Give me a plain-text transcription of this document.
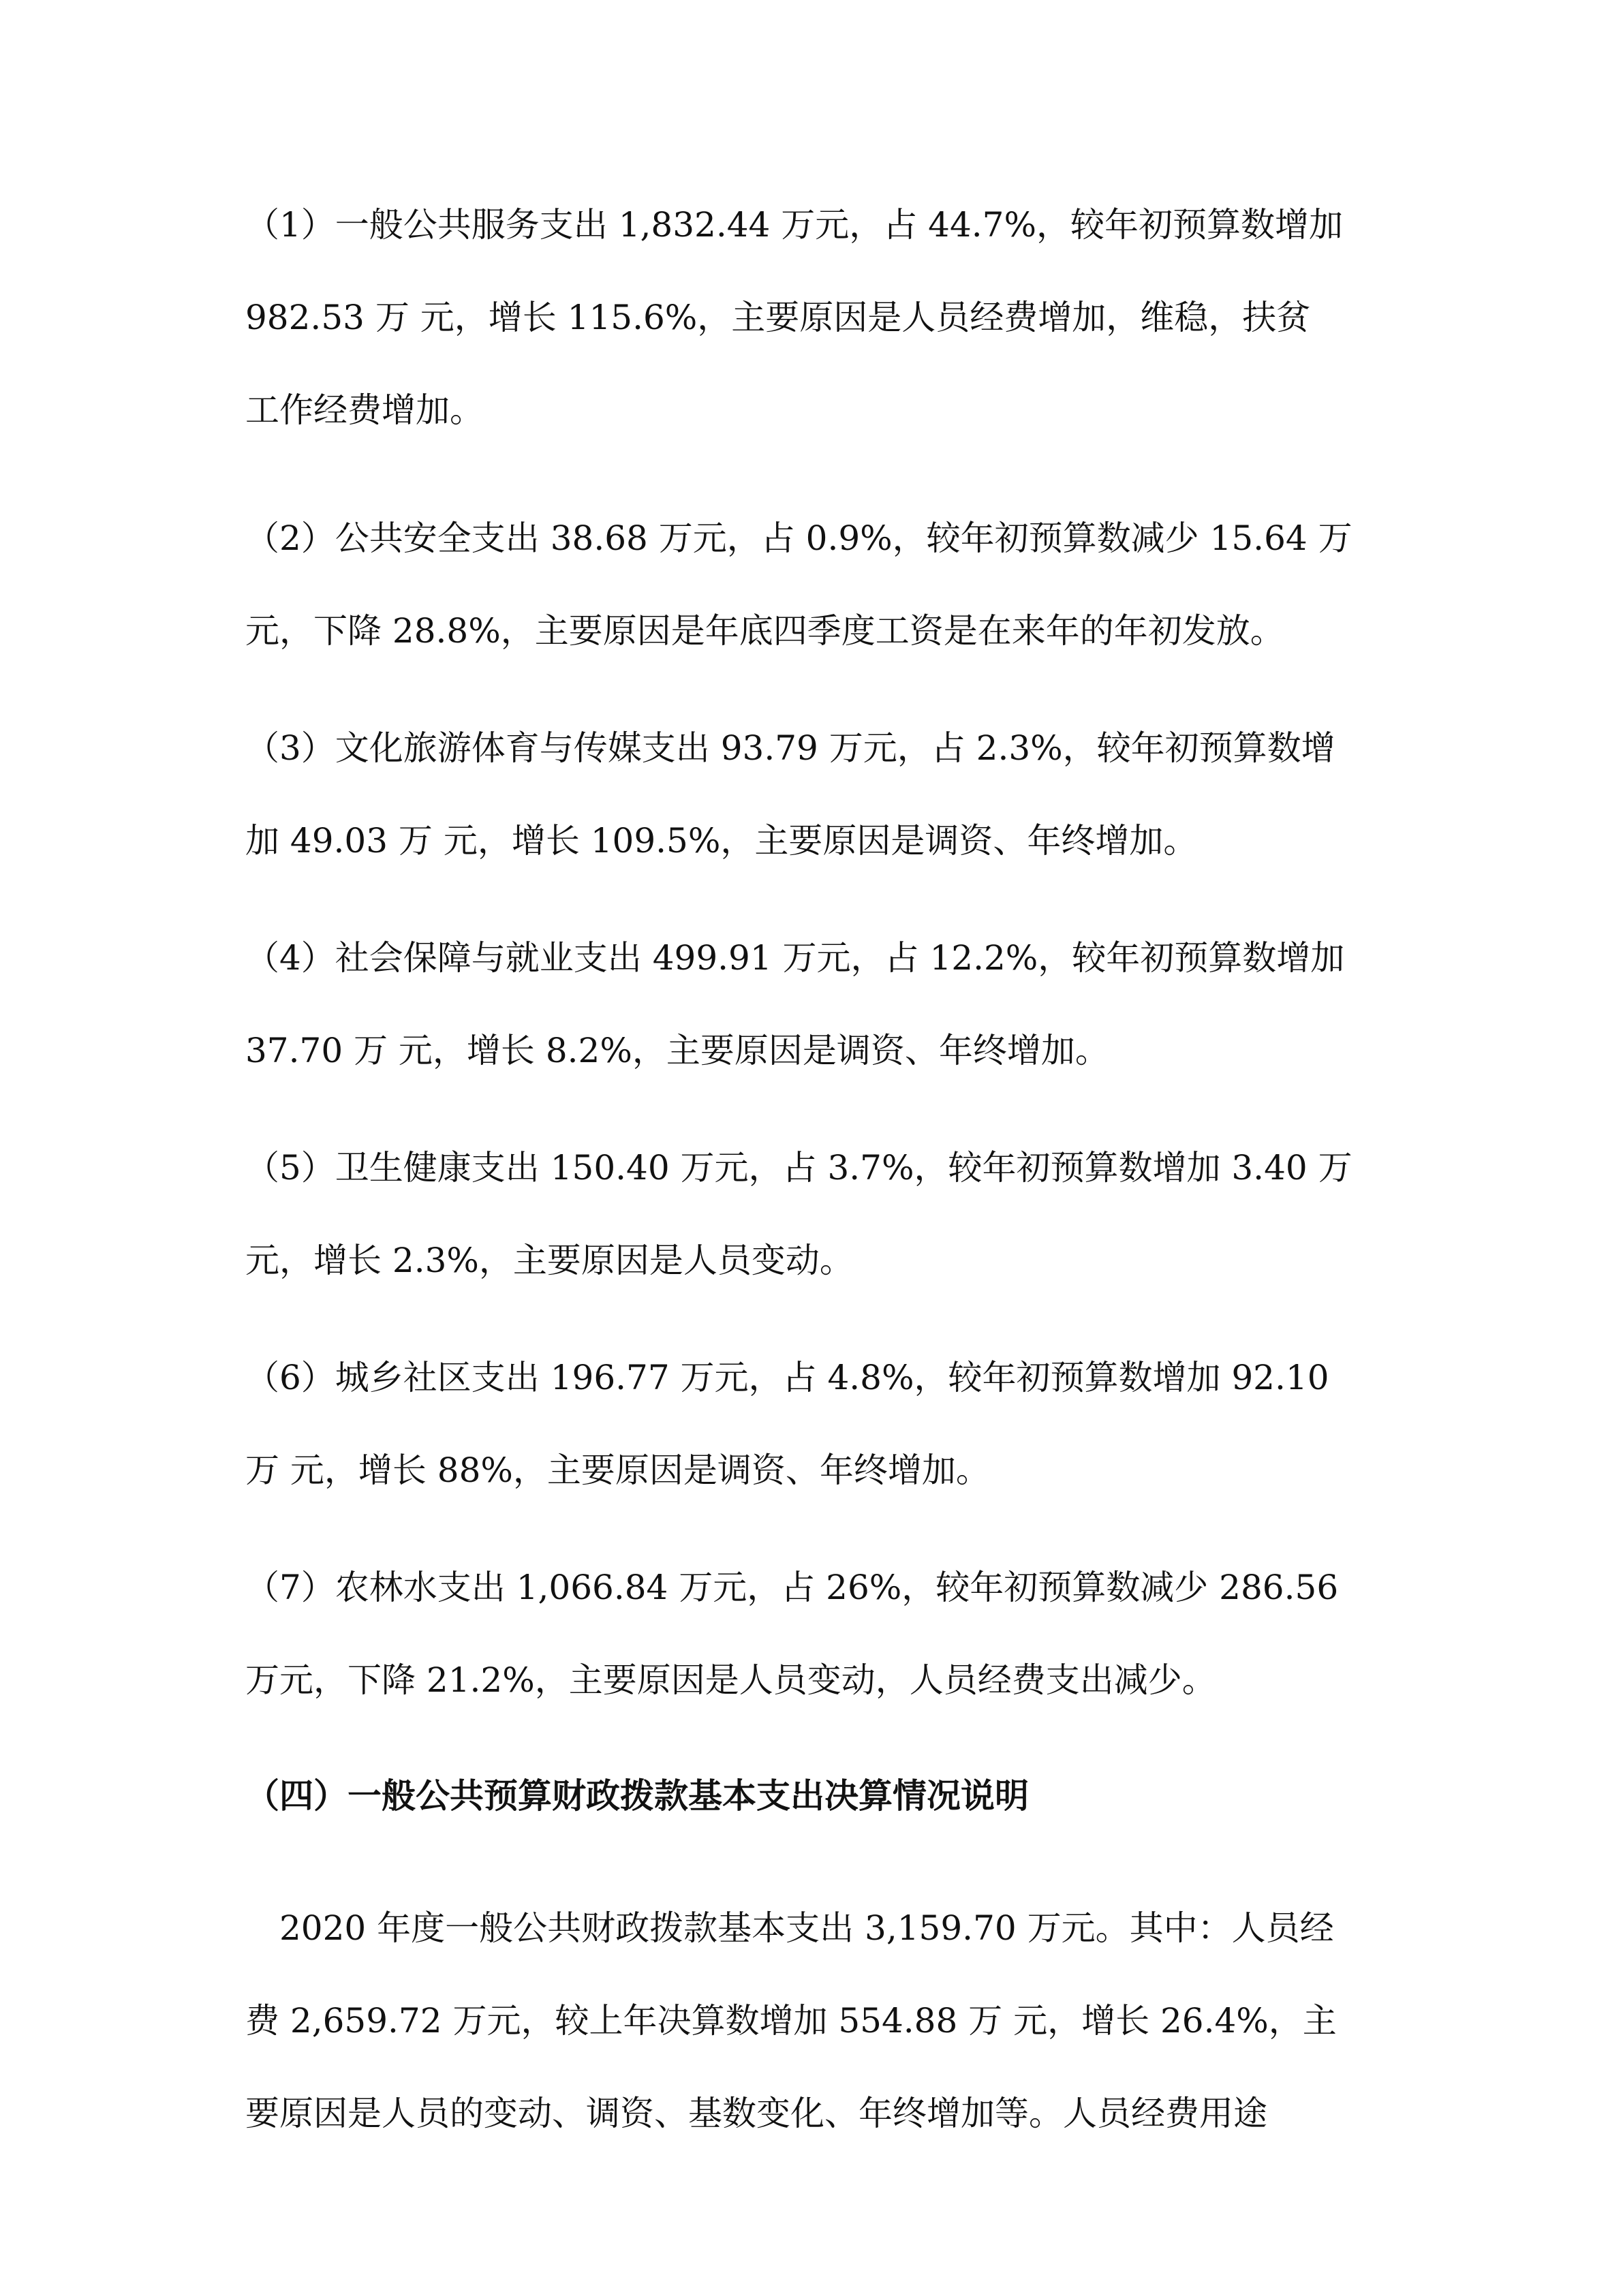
（1）一般公共服务支出 1,832.44 万元，占 44.7%，较年初预算数增加
982.53 万 元，增长 115.6%，主要原因是人员经费增加，维稳，扶贫
工作经费增加。

（2）公共安全支出 38.68 万元，占 0.9%，较年初预算数减少 15.64 万
元，下降 28.8%，主要原因是年底四季度工资是在来年的年初发放。

（3）文化旅游体育与传媒支出 93.79 万元，占 2.3%，较年初预算数增
加 49.03 万 元，增长 109.5%，主要原因是调资、年终增加。

（4）社会保障与就业支出 499.91 万元，占 12.2%，较年初预算数增加
37.70 万 元，增长 8.2%，主要原因是调资、年终增加。

（5）卫生健康支出 150.40 万元，占 3.7%，较年初预算数增加 3.40 万
元，增长 2.3%，主要原因是人员变动。

（6）城乡社区支出 196.77 万元，占 4.8%，较年初预算数增加 92.10
万 元，增长 88%，主要原因是调资、年终增加。

（7）农林水支出 1,066.84 万元，占 26%，较年初预算数减少 286.56
万元，下降 21.2%，主要原因是人员变动，人员经费支出减少。

（四）一般公共预算财政拨款基本支出决算情况说明

2020 年度一般公共财政拨款基本支出 3,159.70 万元。其中：人员经
费 2,659.72 万元，较上年决算数增加 554.88 万 元，增长 26.4%，主
要原因是人员的变动、调资、基数变化、年终增加等。人员经费用途
